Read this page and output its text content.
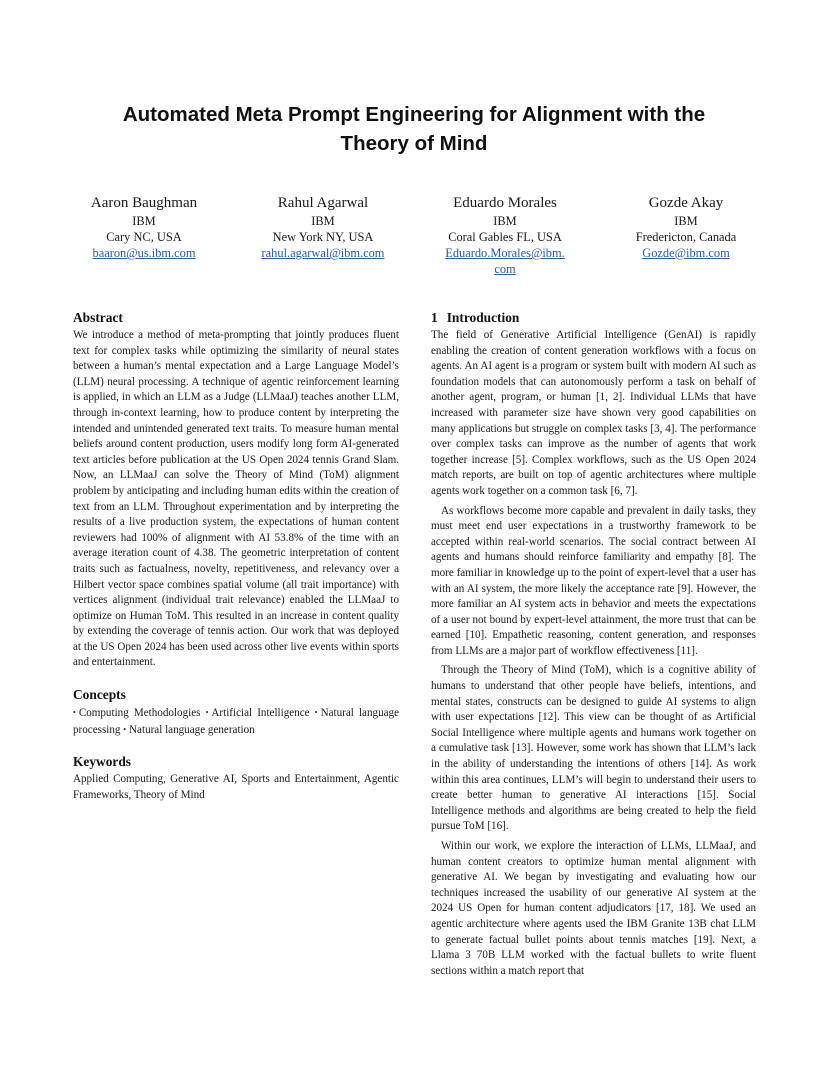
Automated Meta Prompt Engineering for Alignment with the
Theory of Mind
Aaron Baughman
IBM
Cary NC, USA
baaron@us.ibm.com
Rahul Agarwal
IBM
New York NY, USA
rahul.agarwal@ibm.com
Eduardo Morales
IBM
Coral Gables FL, USA
Eduardo.Morales@ibm.
com
Gozde Akay
IBM
Fredericton, Canada
Gozde@ibm.com
Abstract

We introduce a method of meta-prompting that jointly produces fluent text for complex tasks while optimizing the similarity of neural states between a human’s mental expectation and a Large Language Model’s (LLM) neural processing. A technique of agentic reinforcement learning is applied, in which an LLM as a Judge (LLMaaJ) teaches another LLM, through in-context learning, how to produce content by interpreting the intended and unintended generated text traits. To measure human mental beliefs around content production, users modify long form AI-generated text articles before publication at the US Open 2024 tennis Grand Slam. Now, an LLMaaJ can solve the Theory of Mind (ToM) alignment problem by anticipating and including human edits within the creation of text from an LLM. Throughout experimentation and by interpreting the results of a live production system, the expectations of human content reviewers had 100% of alignment with AI 53.8% of the time with an average iteration count of 4.38. The geometric interpretation of content traits such as factualness, novelty, repetitiveness, and relevancy over a Hilbert vector space combines spatial volume (all trait importance) with vertices alignment (individual trait relevance) enabled the LLMaaJ to optimize on Human ToM. This resulted in an increase in content quality by extending the coverage of tennis action. Our work that was deployed at the US Open 2024 has been used across other live events within sports and entertainment.

Concepts

• Computing Methodologies • Artificial Intelligence • Natural language processing • Natural language generation

Keywords

Applied Computing, Generative AI, Sports and Entertainment, Agentic Frameworks, Theory of Mind

1 Introduction

The field of Generative Artificial Intelligence (GenAI) is rapidly enabling the creation of content generation workflows with a focus on agents. An AI agent is a program or system built with modern AI such as foundation models that can autonomously perform a task on behalf of another agent, program, or human [1, 2]. Individual LLMs that have increased with parameter size have shown very good capabilities on many applications but struggle on complex tasks [3, 4]. The performance over complex tasks can improve as the number of agents that work together increase [5]. Complex workflows, such as the US Open 2024 match reports, are built on top of agentic architectures where multiple agents work together on a common task [6, 7].

As workflows become more capable and prevalent in daily tasks, they must meet end user expectations in a trustworthy framework to be accepted within real-world scenarios. The social contract between AI agents and humans should reinforce familiarity and empathy [8]. The more familiar in knowledge up to the point of expert-level that a user has with an AI system, the more likely the acceptance rate [9]. However, the more familiar an AI system acts in behavior and meets the expectations of a user not bound by expert-level attainment, the more trust that can be earned [10]. Empathetic reasoning, content generation, and responses from LLMs are a major part of workflow effectiveness [11].

Through the Theory of Mind (ToM), which is a cognitive ability of humans to understand that other people have beliefs, intentions, and mental states, constructs can be designed to guide AI systems to align with user expectations [12]. This view can be thought of as Artificial Social Intelligence where multiple agents and humans work together on a cumulative task [13]. However, some work has shown that LLM’s lack in the ability of understanding the intentions of others [14]. As work within this area continues, LLM’s will begin to understand their users to create better human to generative AI interactions [15]. Social Intelligence methods and algorithms are being created to help the field pursue ToM [16].

Within our work, we explore the interaction of LLMs, LLMaaJ, and human content creators to optimize human mental alignment with generative AI. We began by investigating and evaluating how our techniques increased the usability of our generative AI system at the 2024 US Open for human content adjudicators [17, 18]. We used an agentic architecture where agents used the IBM Granite 13B chat LLM to generate factual bullet points about tennis matches [19]. Next, a Llama 3 70B LLM worked with the factual bullets to write fluent sections within a match report that
